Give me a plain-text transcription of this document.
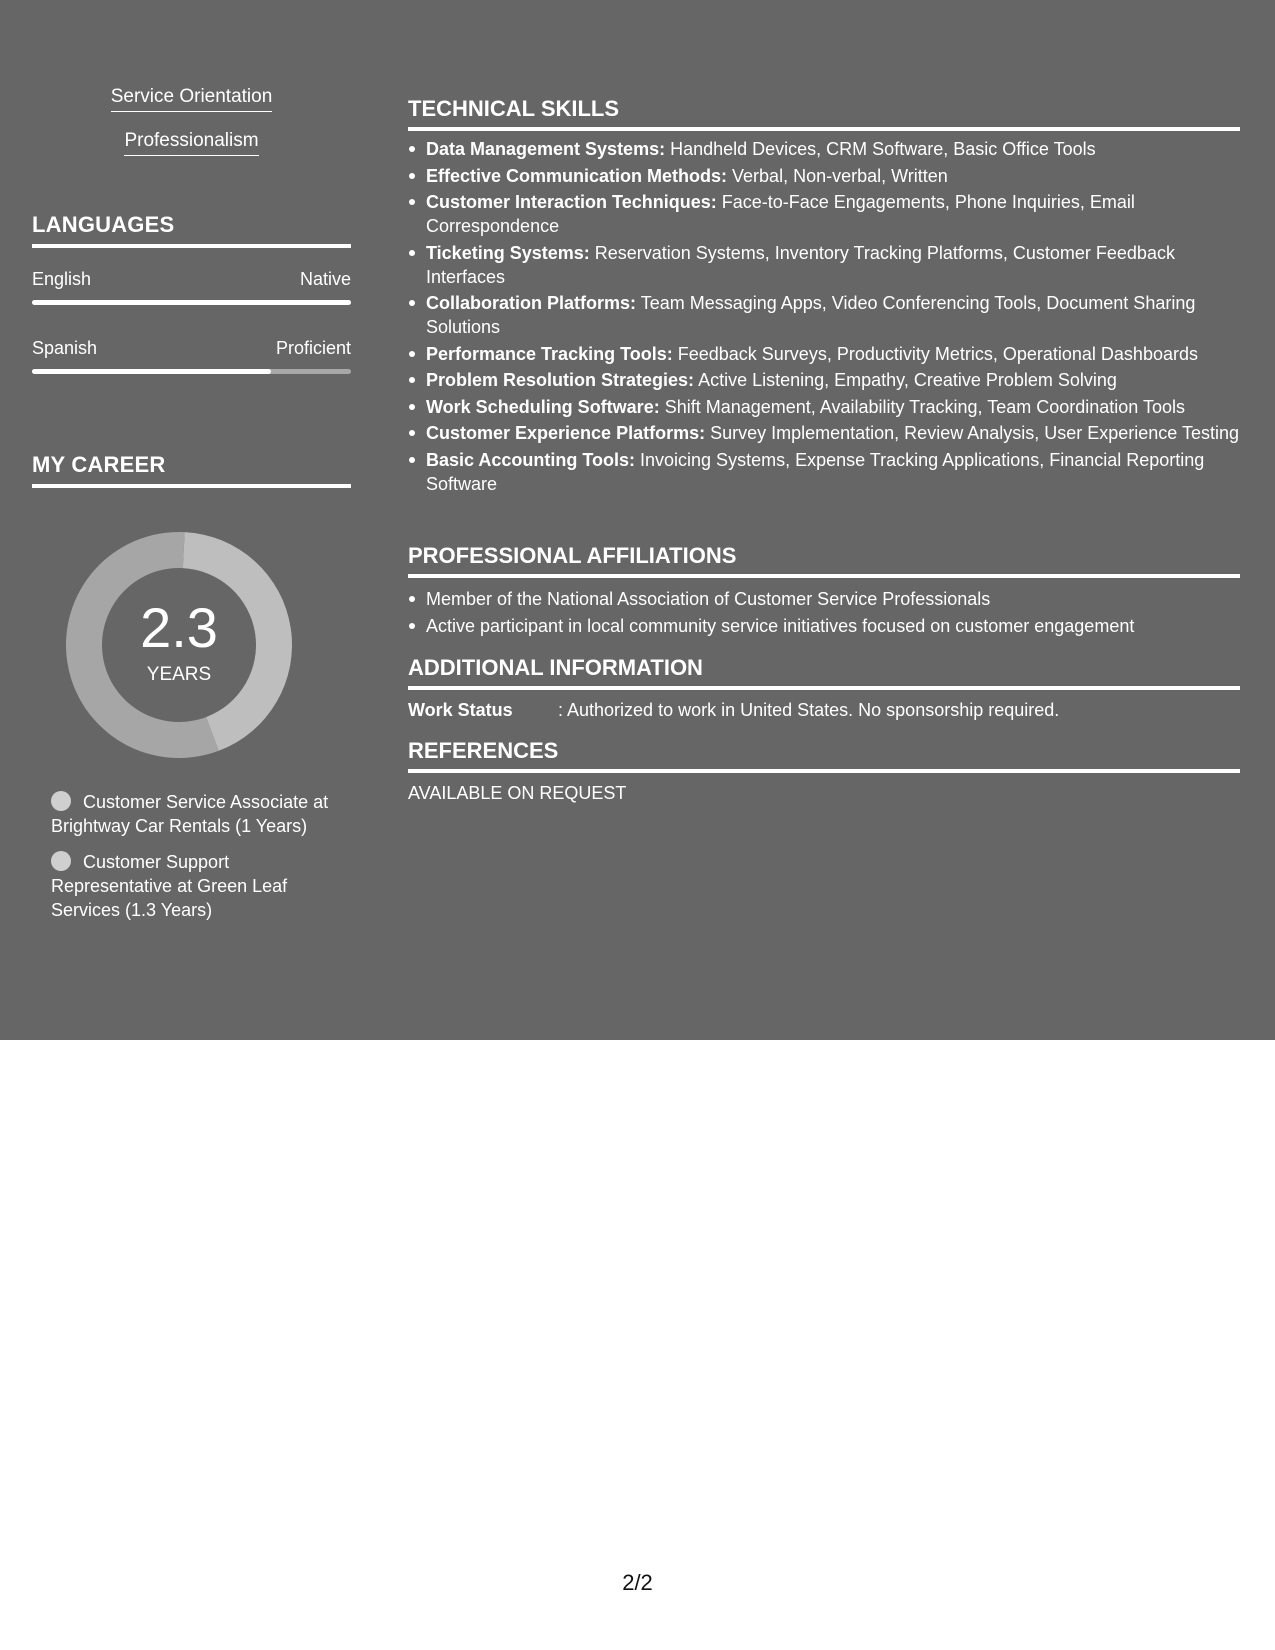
Service Orientation
Professionalism
LANGUAGES
English	Native
Spanish	Proficient
MY CAREER
2.3
YEARS
Customer Service Associate at Brightway Car Rentals (1 Years)
Customer Support Representative at Green Leaf Services (1.3 Years)
TECHNICAL SKILLS
Data Management Systems: Handheld Devices, CRM Software, Basic Office Tools
Effective Communication Methods: Verbal, Non-verbal, Written
Customer Interaction Techniques: Face-to-Face Engagements, Phone Inquiries, Email Correspondence
Ticketing Systems: Reservation Systems, Inventory Tracking Platforms, Customer Feedback Interfaces
Collaboration Platforms: Team Messaging Apps, Video Conferencing Tools, Document Sharing Solutions
Performance Tracking Tools: Feedback Surveys, Productivity Metrics, Operational Dashboards
Problem Resolution Strategies: Active Listening, Empathy, Creative Problem Solving
Work Scheduling Software: Shift Management, Availability Tracking, Team Coordination Tools
Customer Experience Platforms: Survey Implementation, Review Analysis, User Experience Testing
Basic Accounting Tools: Invoicing Systems, Expense Tracking Applications, Financial Reporting Software
PROFESSIONAL AFFILIATIONS
Member of the National Association of Customer Service Professionals
Active participant in local community service initiatives focused on customer engagement
ADDITIONAL INFORMATION
Work Status	: Authorized to work in United States. No sponsorship required.
REFERENCES
AVAILABLE ON REQUEST
2/2
